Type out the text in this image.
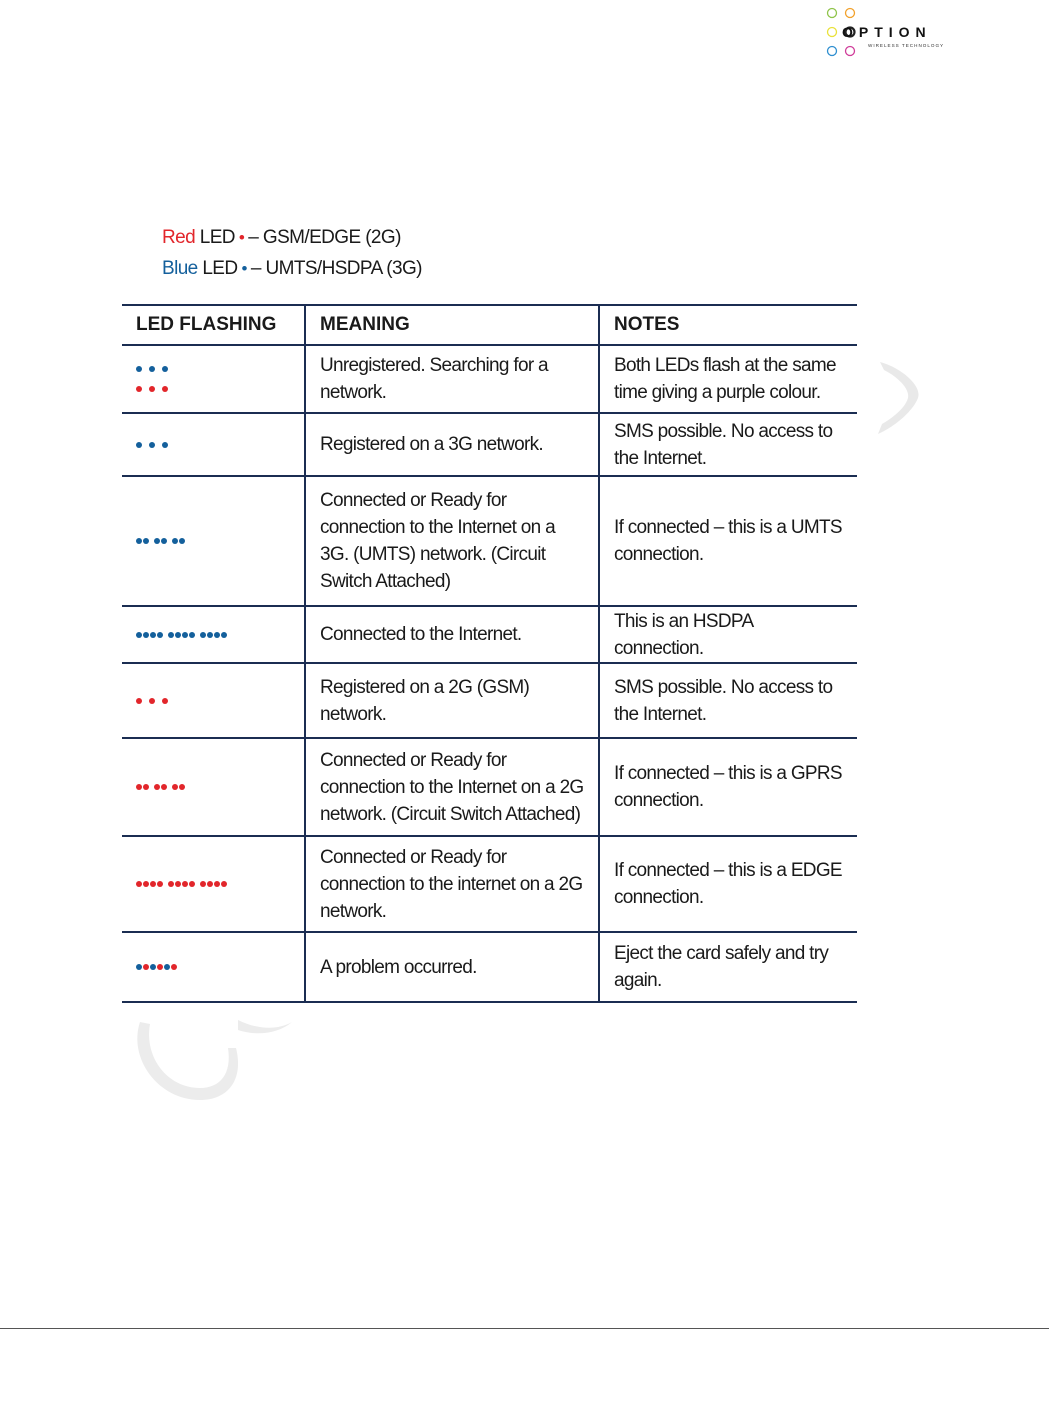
OPTION
WIRELESS TECHNOLOGY
Red LED • – GSM/EDGE (2G)
Blue LED • – UMTS/HSDPA (3G)
LED FLASHING	MEANING	NOTES

	Unregistered. Searching for a network.	Both LEDs flash at the same time giving a purple colour.

	Registered on a 3G network.	SMS possible. No access to the Internet.

	Connected or Ready for connection to the Internet on a 3G. (UMTS) network. (Circuit Switch Attached)	If connected – this is a UMTS connection.

	Connected to the Internet.	This is an HSDPA connection.

	Registered on a 2G (GSM) network.	SMS possible. No access to the Internet.

	Connected or Ready for connection to the Internet on a 2G network. (Circuit Switch Attached)	If connected – this is a GPRS connection.

	Connected or Ready for connection to the internet on a 2G network.	If connected – this is a EDGE connection.

	A problem occurred.	Eject the card safely and try again.
